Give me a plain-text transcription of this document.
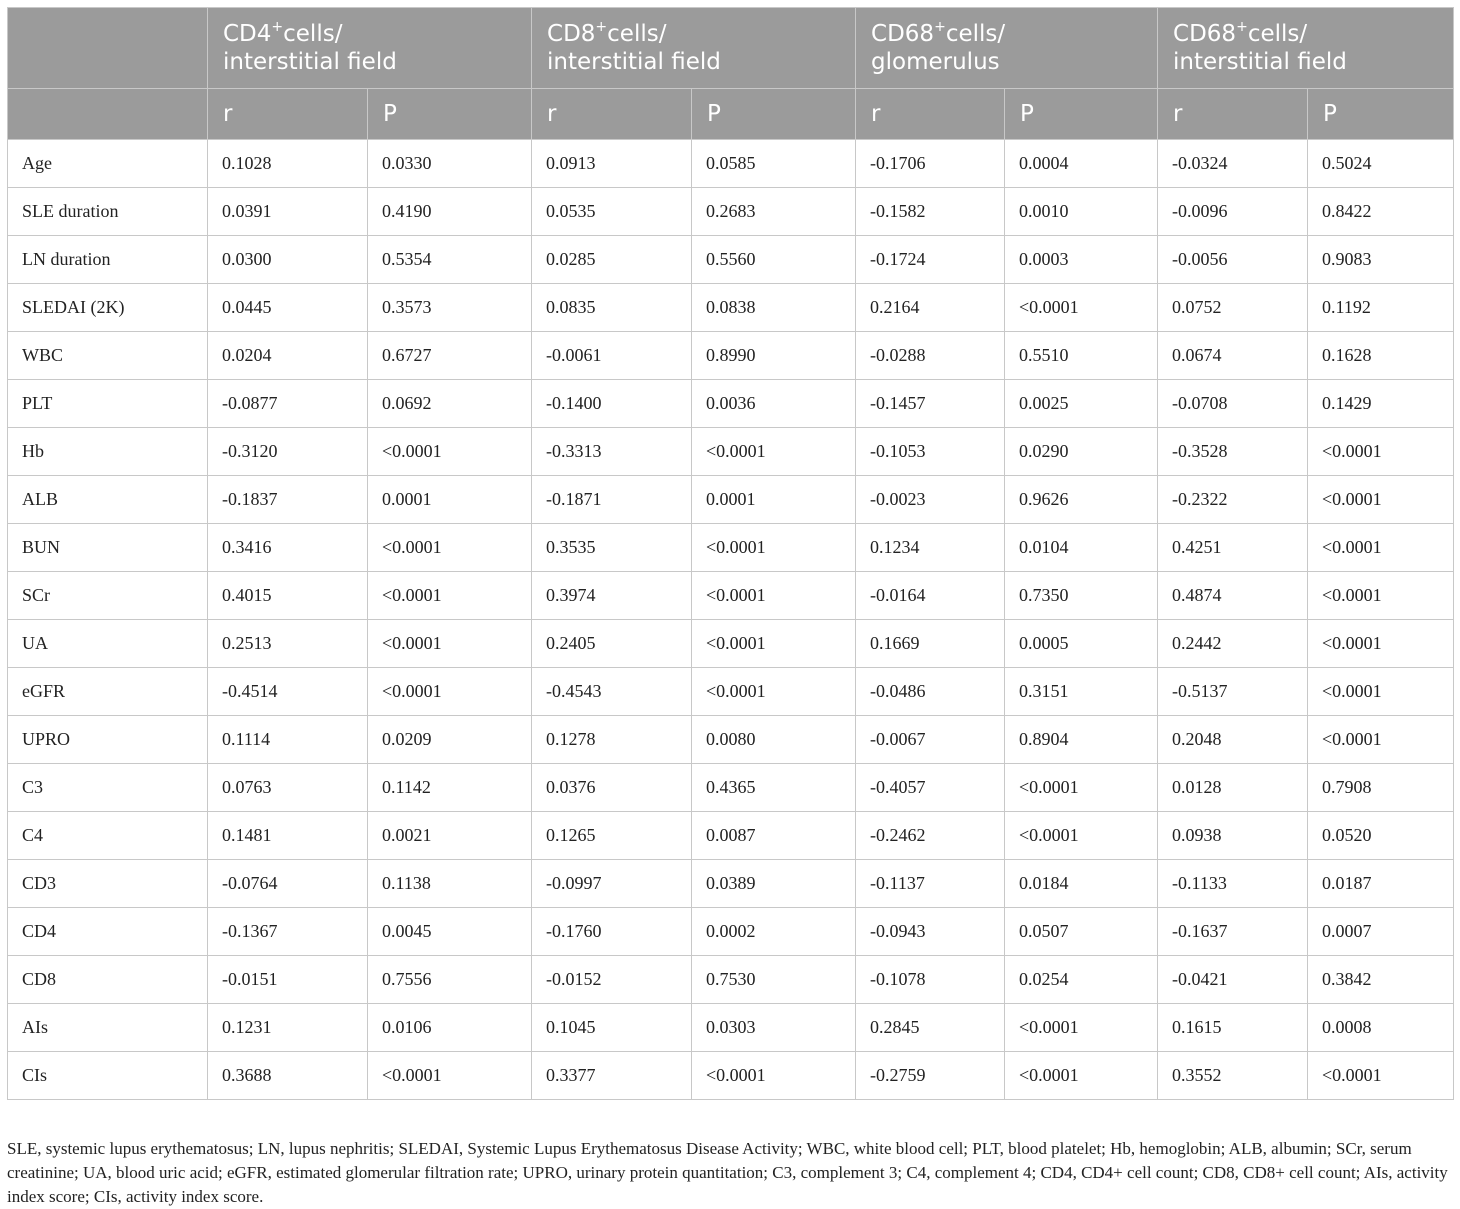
	CD4+cells/
interstitial field		CD8+cells/
interstitial field		CD68+cells/
glomerulus		CD68+cells/
interstitial field	
	r	P	r	P	r	P	r	P
Age	0.1028	0.0330	0.0913	0.0585	-0.1706	0.0004	-0.0324	0.5024
SLE duration	0.0391	0.4190	0.0535	0.2683	-0.1582	0.0010	-0.0096	0.8422
LN duration	0.0300	0.5354	0.0285	0.5560	-0.1724	0.0003	-0.0056	0.9083
SLEDAI (2K)	0.0445	0.3573	0.0835	0.0838	0.2164	<0.0001	0.0752	0.1192
WBC	0.0204	0.6727	-0.0061	0.8990	-0.0288	0.5510	0.0674	0.1628
PLT	-0.0877	0.0692	-0.1400	0.0036	-0.1457	0.0025	-0.0708	0.1429
Hb	-0.3120	<0.0001	-0.3313	<0.0001	-0.1053	0.0290	-0.3528	<0.0001
ALB	-0.1837	0.0001	-0.1871	0.0001	-0.0023	0.9626	-0.2322	<0.0001
BUN	0.3416	<0.0001	0.3535	<0.0001	0.1234	0.0104	0.4251	<0.0001
SCr	0.4015	<0.0001	0.3974	<0.0001	-0.0164	0.7350	0.4874	<0.0001
UA	0.2513	<0.0001	0.2405	<0.0001	0.1669	0.0005	0.2442	<0.0001
eGFR	-0.4514	<0.0001	-0.4543	<0.0001	-0.0486	0.3151	-0.5137	<0.0001
UPRO	0.1114	0.0209	0.1278	0.0080	-0.0067	0.8904	0.2048	<0.0001
C3	0.0763	0.1142	0.0376	0.4365	-0.4057	<0.0001	0.0128	0.7908
C4	0.1481	0.0021	0.1265	0.0087	-0.2462	<0.0001	0.0938	0.0520
CD3	-0.0764	0.1138	-0.0997	0.0389	-0.1137	0.0184	-0.1133	0.0187
CD4	-0.1367	0.0045	-0.1760	0.0002	-0.0943	0.0507	-0.1637	0.0007
CD8	-0.0151	0.7556	-0.0152	0.7530	-0.1078	0.0254	-0.0421	0.3842
AIs	0.1231	0.0106	0.1045	0.0303	0.2845	<0.0001	0.1615	0.0008
CIs	0.3688	<0.0001	0.3377	<0.0001	-0.2759	<0.0001	0.3552	<0.0001
SLE, systemic lupus erythematosus; LN, lupus nephritis; SLEDAI, Systemic Lupus Erythematosus Disease Activity; WBC, white blood cell; PLT, blood platelet; Hb, hemoglobin; ALB, albumin; SCr, serum creatinine; UA, blood uric acid; eGFR, estimated glomerular filtration rate; UPRO, urinary protein quantitation; C3, complement 3; C4, complement 4; CD4, CD4+ cell count; CD8, CD8+ cell count; AIs, activity index score; CIs, activity index score.
